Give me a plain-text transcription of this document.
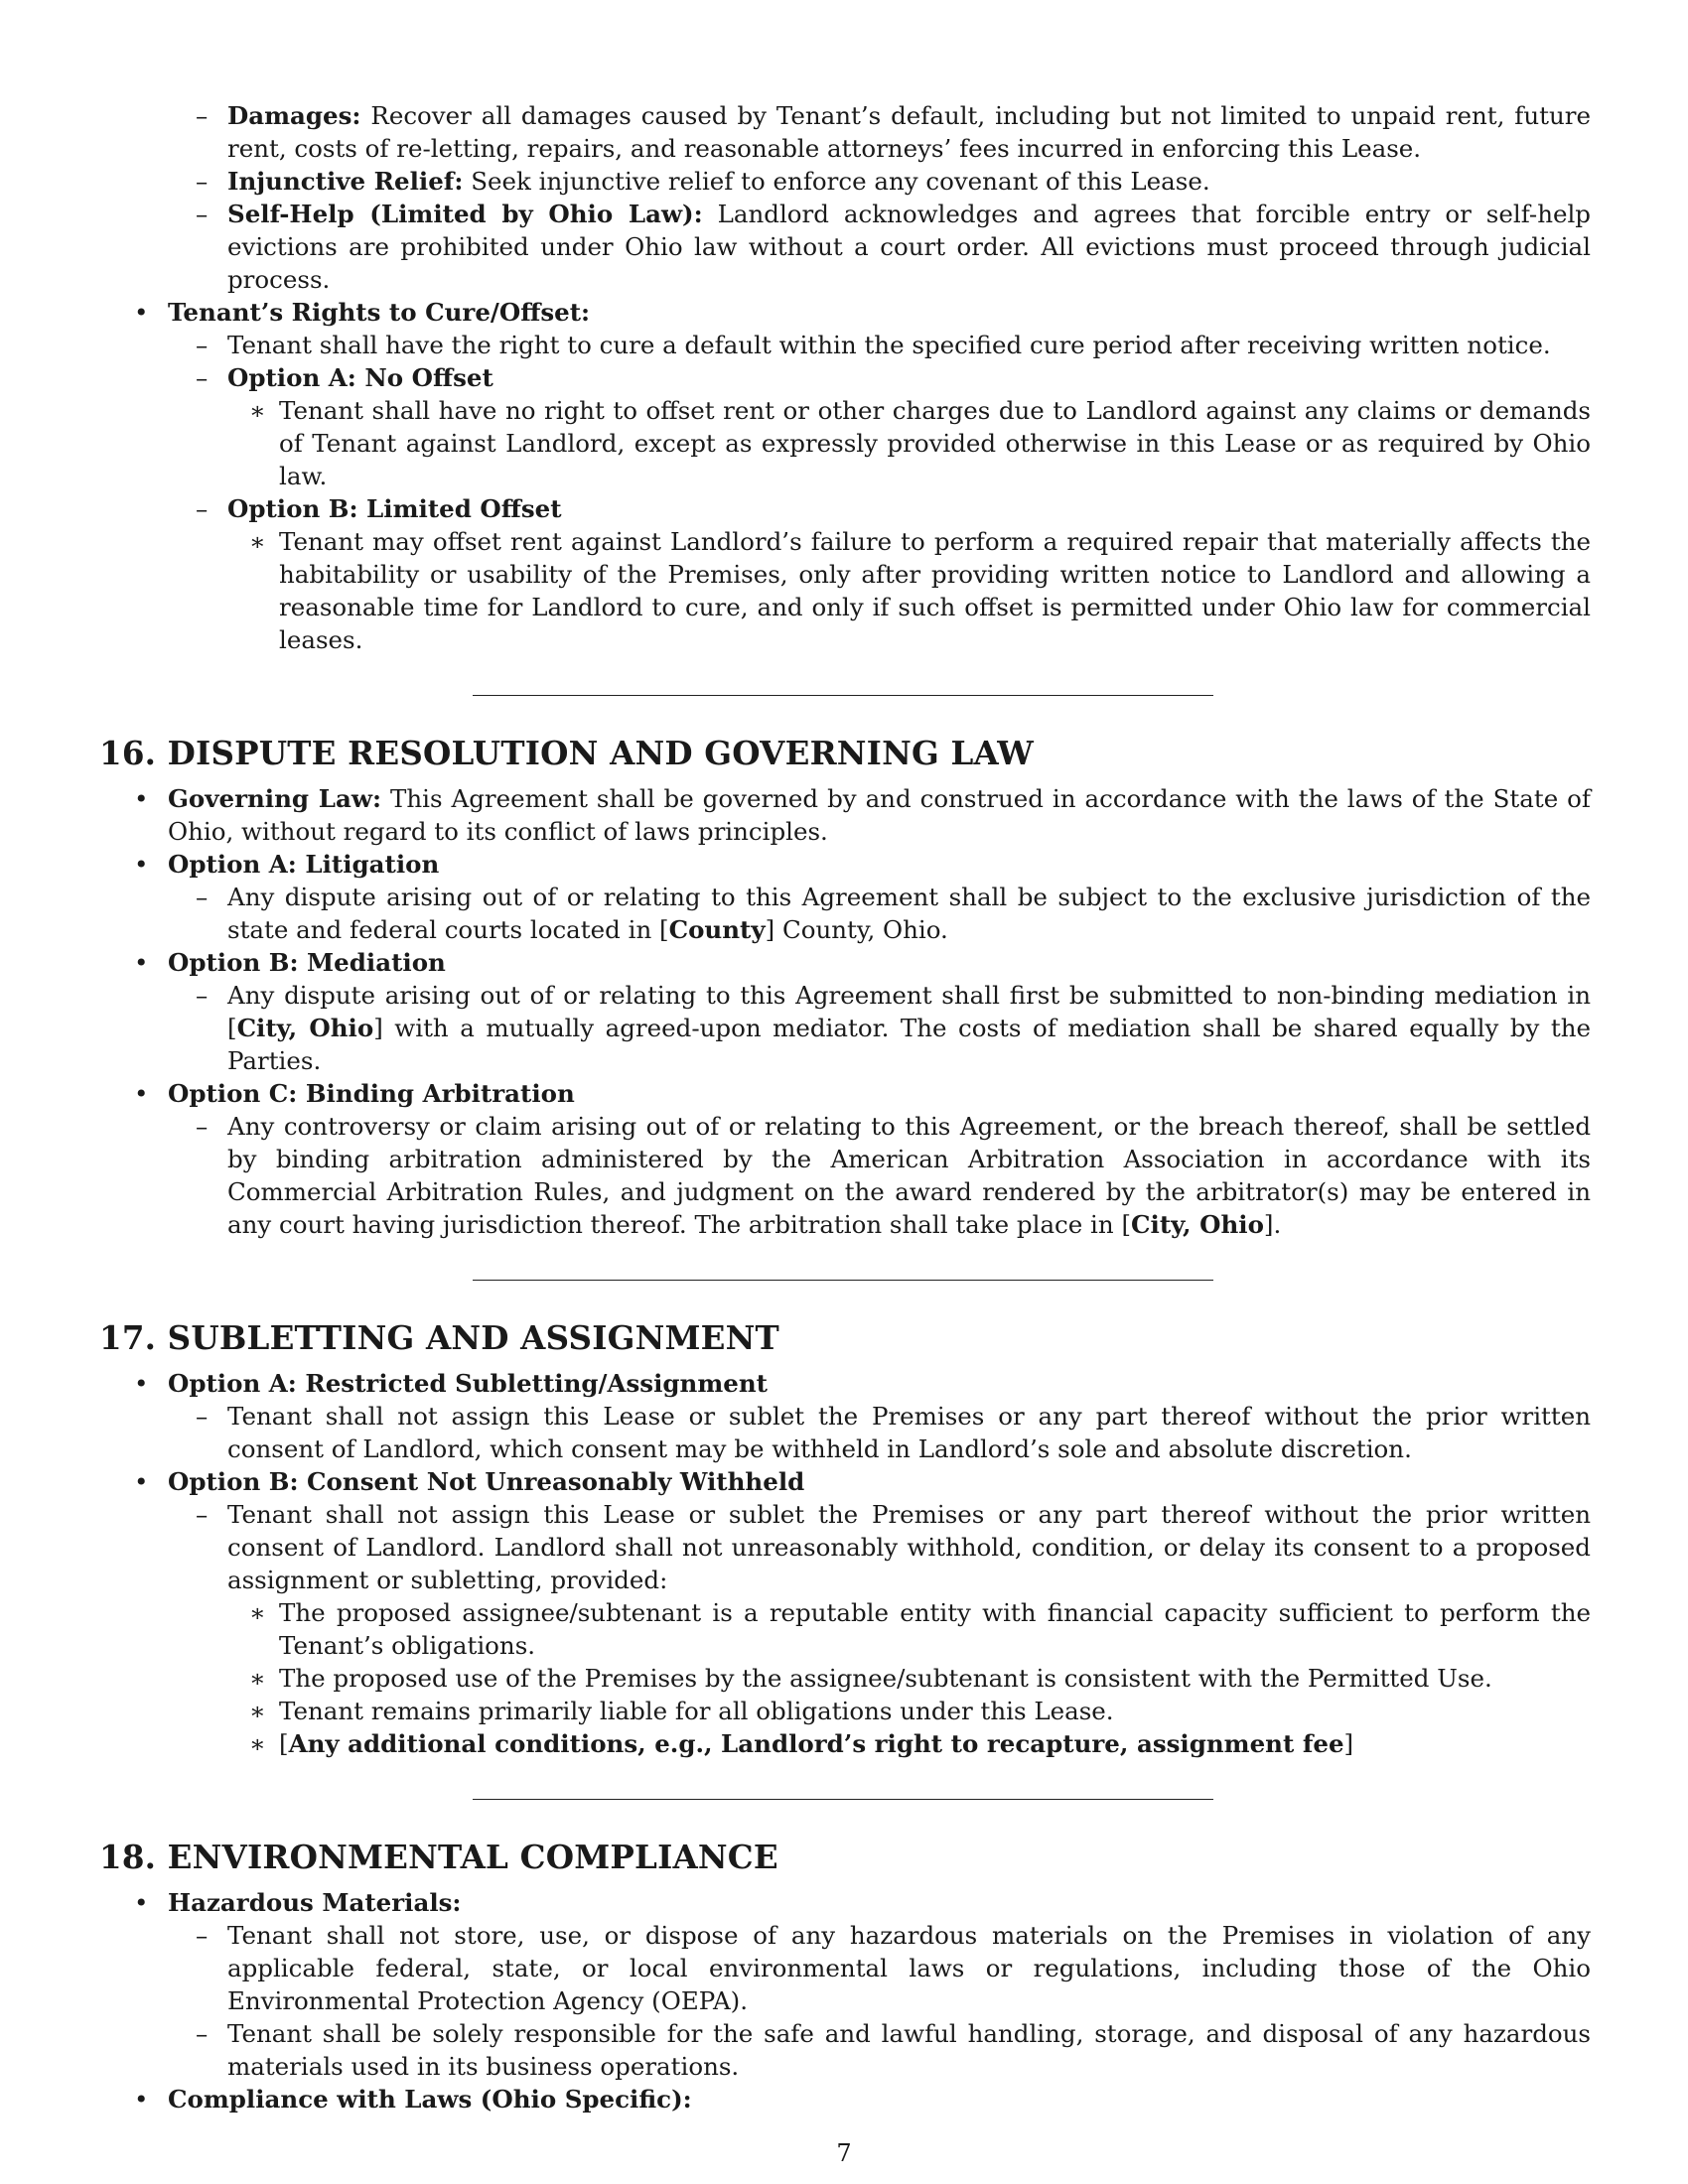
– Damages: Recover all damages caused by Tenant’s default, including but not limited to unpaid rent, future rent, costs of re-letting, repairs, and reasonable attorneys’ fees incurred in enforcing this Lease.
– Injunctive Relief: Seek injunctive relief to enforce any covenant of this Lease.
– Self-Help (Limited by Ohio Law): Landlord acknowledges and agrees that forcible entry or self-help evictions are prohibited under Ohio law without a court order. All evictions must proceed through judicial process.
• Tenant’s Rights to Cure/Offset:
– Tenant shall have the right to cure a default within the specified cure period after receiving written notice.
– Option A: No Offset
∗ Tenant shall have no right to offset rent or other charges due to Landlord against any claims or demands of Tenant against Landlord, except as expressly provided otherwise in this Lease or as required by Ohio law.
– Option B: Limited Offset
∗ Tenant may offset rent against Landlord’s failure to perform a required repair that materially affects the habitability or usability of the Premises, only after providing written notice to Landlord and allowing a reasonable time for Landlord to cure, and only if such offset is permitted under Ohio law for commercial leases.
16. DISPUTE RESOLUTION AND GOVERNING LAW
• Governing Law: This Agreement shall be governed by and construed in accordance with the laws of the State of Ohio, without regard to its conflict of laws principles.
• Option A: Litigation
– Any dispute arising out of or relating to this Agreement shall be subject to the exclusive jurisdiction of the state and federal courts located in [County] County, Ohio.
• Option B: Mediation
– Any dispute arising out of or relating to this Agreement shall first be submitted to non-binding mediation in [City, Ohio] with a mutually agreed-upon mediator. The costs of mediation shall be shared equally by the Parties.
• Option C: Binding Arbitration
– Any controversy or claim arising out of or relating to this Agreement, or the breach thereof, shall be settled by binding arbitration administered by the American Arbitration Association in accordance with its Commercial Arbitration Rules, and judgment on the award rendered by the arbitrator(s) may be entered in any court having jurisdiction thereof. The arbitration shall take place in [City, Ohio].
17. SUBLETTING AND ASSIGNMENT
• Option A: Restricted Subletting/Assignment
– Tenant shall not assign this Lease or sublet the Premises or any part thereof without the prior written consent of Landlord, which consent may be withheld in Landlord’s sole and absolute discretion.
• Option B: Consent Not Unreasonably Withheld
– Tenant shall not assign this Lease or sublet the Premises or any part thereof without the prior written consent of Landlord. Landlord shall not unreasonably withhold, condition, or delay its consent to a proposed assignment or subletting, provided:
∗ The proposed assignee/subtenant is a reputable entity with financial capacity sufficient to perform the Tenant’s obligations.
∗ The proposed use of the Premises by the assignee/subtenant is consistent with the Permitted Use.
∗ Tenant remains primarily liable for all obligations under this Lease.
∗ [Any additional conditions, e.g., Landlord’s right to recapture, assignment fee]
18. ENVIRONMENTAL COMPLIANCE
• Hazardous Materials:
– Tenant shall not store, use, or dispose of any hazardous materials on the Premises in violation of any applicable federal, state, or local environmental laws or regulations, including those of the Ohio Environmental Protection Agency (OEPA).
– Tenant shall be solely responsible for the safe and lawful handling, storage, and disposal of any hazardous materials used in its business operations.
• Compliance with Laws (Ohio Specific):
7
